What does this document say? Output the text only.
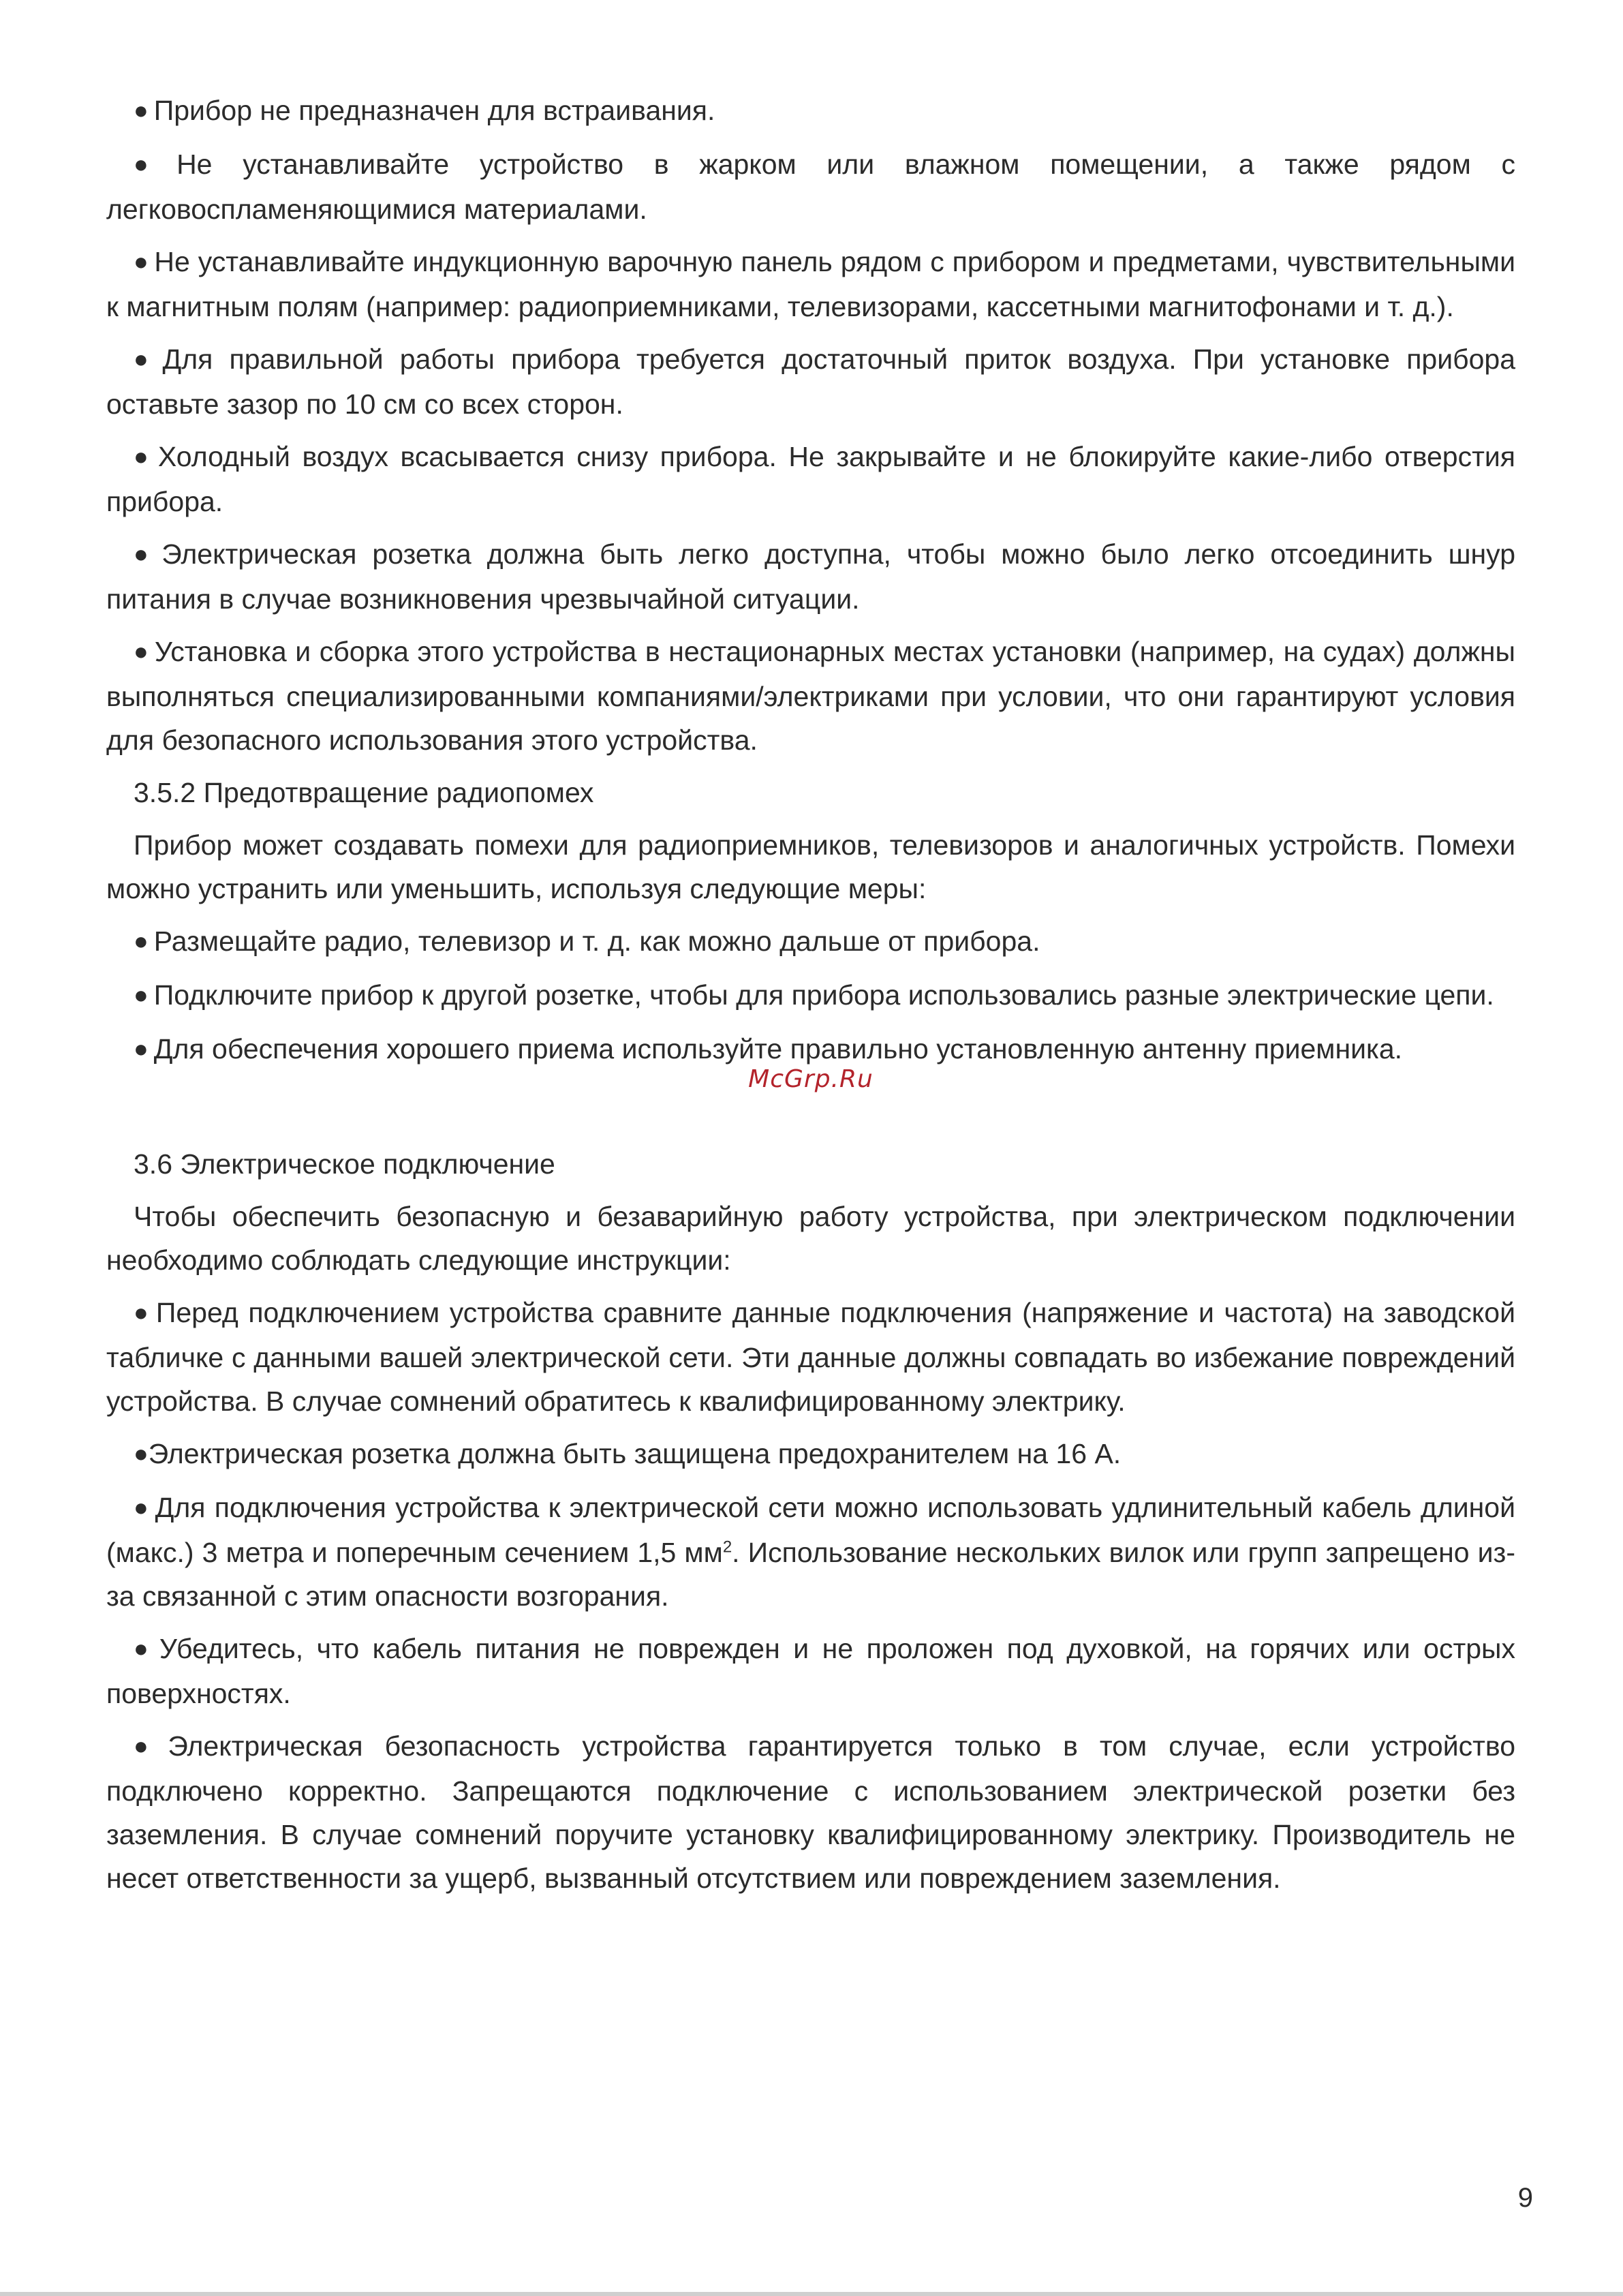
● Прибор не предназначен для встраивания.

● Не устанавливайте устройство в жарком или влажном помещении, а также рядом с легковоспламеняющимися материалами.

● Не устанавливайте индукционную варочную панель рядом с прибором и предметами, чувствительными к магнитным полям (например: радиоприемниками, телевизорами, кассетными магнитофонами и т. д.).

● Для правильной работы прибора требуется достаточный приток воздуха. При установке прибора оставьте зазор по 10 см со всех сторон.

● Холодный воздух всасывается снизу прибора. Не закрывайте и не блокируйте какие-либо отверстия прибора.

● Электрическая розетка должна быть легко доступна, чтобы можно было легко отсоединить шнур питания в случае возникновения чрезвычайной ситуации.

● Установка и сборка этого устройства в нестационарных местах установки (например, на судах) должны выполняться специализированными компаниями/электриками при условии, что они гарантируют условия для безопасного использования этого устройства.

3.5.2 Предотвращение радиопомех

Прибор может создавать помехи для радиоприемников, телевизоров и аналогичных устройств. Помехи можно устранить или уменьшить, используя следующие меры:

● Размещайте радио, телевизор и т. д. как можно дальше от прибора.

● Подключите прибор к другой розетке, чтобы для прибора использовались разные электрические цепи.

● Для обеспечения хорошего приема используйте правильно установленную антенну приемника.

McGrp.Ru

3.6 Электрическое подключение

Чтобы обеспечить безопасную и безаварийную работу устройства, при электрическом подключении необходимо соблюдать следующие инструкции:

● Перед подключением устройства сравните данные подключения (напряжение и частота) на заводской табличке с данными вашей электрической сети. Эти данные должны совпадать во избежание повреждений устройства. В случае сомнений обратитесь к квалифицированному электрику.

●Электрическая розетка должна быть защищена предохранителем на 16 А.

● Для подключения устройства к электрической сети можно использовать удлинительный кабель длиной (макс.) 3 метра и поперечным сечением 1,5 $мм^2$. Использование нескольких вилок или групп запрещено из-за связанной с этим опасности возгорания.

● Убедитесь, что кабель питания не поврежден и не проложен под духовкой, на горячих или острых поверхностях.

● Электрическая безопасность устройства гарантируется только в том случае, если устройство подключено корректно. Запрещаются подключение с использованием электрической розетки без заземления. В случае сомнений поручите установку квалифицированному электрику. Производитель не несет ответственности за ущерб, вызванный отсутствием или повреждением заземления.

9
